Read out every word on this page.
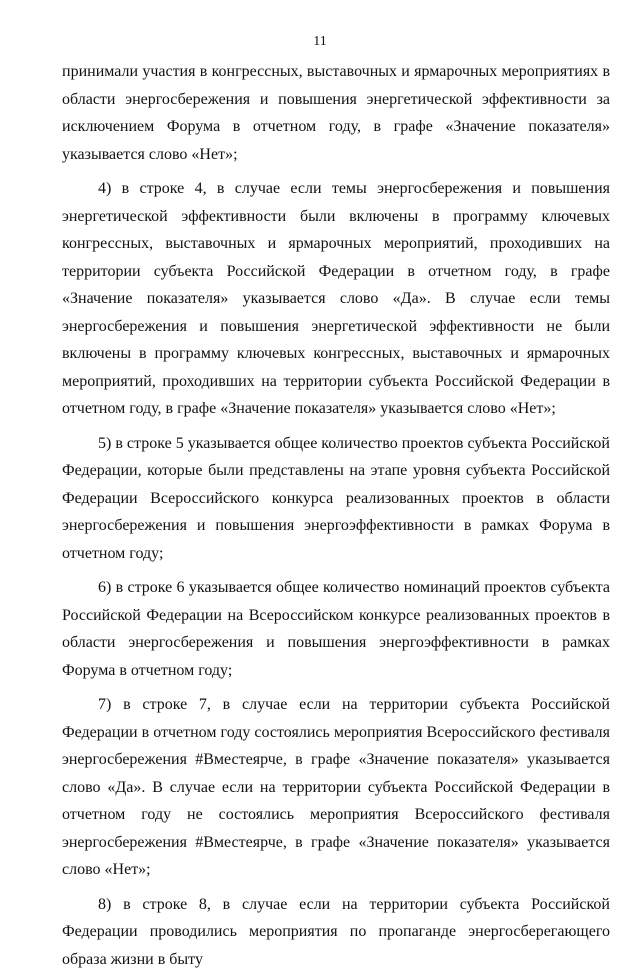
11

принимали участия в конгрессных, выставочных и ярмарочных мероприятиях в области энергосбережения и повышения энергетической эффективности за исключением Форума в отчетном году, в графе «Значение показателя» указывается слово «Нет»;

4) в строке 4, в случае если темы энергосбережения и повышения энергетической эффективности были включены в программу ключевых конгрессных, выставочных и ярмарочных мероприятий, проходивших на территории субъекта Российской Федерации в отчетном году, в графе «Значение показателя» указывается слово «Да». В случае если темы энергосбережения и повышения энергетической эффективности не были включены в программу ключевых конгрессных, выставочных и ярмарочных мероприятий, проходивших на территории субъекта Российской Федерации в отчетном году, в графе «Значение показателя» указывается слово «Нет»;

5) в строке 5 указывается общее количество проектов субъекта Российской Федерации, которые были представлены на этапе уровня субъекта Российской Федерации Всероссийского конкурса реализованных проектов в области энергосбережения и повышения энергоэффективности в рамках Форума в отчетном году;

6) в строке 6 указывается общее количество номинаций проектов субъекта Российской Федерации на Всероссийском конкурсе реализованных проектов в области энергосбережения и повышения энергоэффективности в рамках Форума в отчетном году;

7) в строке 7, в случае если на территории субъекта Российской Федерации в отчетном году состоялись мероприятия Всероссийского фестиваля энергосбережения #Вместеярче, в графе «Значение показателя» указывается слово «Да». В случае если на территории субъекта Российской Федерации в отчетном году не состоялись мероприятия Всероссийского фестиваля энергосбережения #Вместеярче, в графе «Значение показателя» указывается слово «Нет»;

8) в строке 8, в случае если на территории субъекта Российской Федерации проводились мероприятия по пропаганде энергосберегающего образа жизни в быту
